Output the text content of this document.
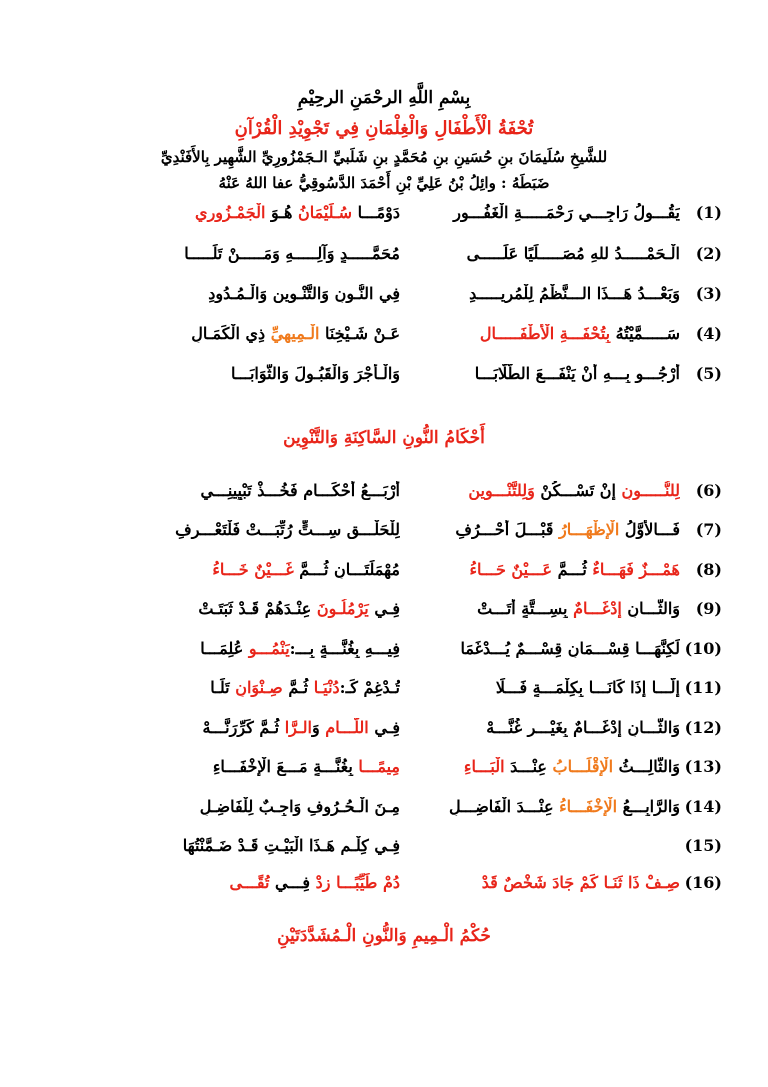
بِسْمِ اللَّهِ الرحْمَنِ الرحِيْمِ
تُحْفَةُ الْأَطْفَالِ وَالْغِلْمَانِ فِي تَجْوِيْدِ الْقُرْآنِ
للشَّيخِ سُلَيمَانَ بنِ حُسَينِ بنِ مُحَمَّدٍ بنِ شَلَبيِّ الـجَمْزُورِيِّ الشَّهِير بِالأَفَنْدِيِّ
ضَبَطَهُ : وائِلُ بْنُ عَلِيِّ بْنِ أَحْمَدَ الدَّسُوقِيُّ عفا اللهُ عَنْهُ
(1)
يَقُـــولُ رَاجِـــي رَحْمَـــــةِ الْغَفُـــورِ
دَوْمًـــا سُـلَيْمَانُ هُـوَ الْجَمْـزُورِي
(2)
الْـحَمْـــــدُ للهِ مُصَـــــلِّيًا عَلَـــــى
مُحَمَّـــــدٍ وَآلِـــــهِ وَمَـــــنْ تَلَـــــا
(3)
وَبَعْـــدُ هَـــذَا الـــنَّظْمُ لِلْمُرِيـــــدِ
فِي النُّـونِ وَالتَّنْـوِينِ وَالْـمُـدُودِ
(4)
سَـــــمَّيْتُهُ بِتُحْفَـــةِ الْأَطْفَـــــال
عَـنْ شَـيْخِنَا الْـمِيهِيِّ ذِي الْكَمَـالِ
(5)
أَرْجُـــو بِـــهِ أَنْ يَنْفَـــعَ الطُّلَّابَـــا
وَالْـأَجْرَ وَالْقَبُـولَ وَالثَّوَابَـــا
أَحْكَامُ النُّونِ السَّاكِنَةِ وَالتَّنْوِين
(6)
لِلنُّـــــونِ إنْ تَسْـــكُنْ وَلِلتَّنْـــوِينِ
أَرْبَـــعُ أَحْكَـــامٍ فَخُـــذْ تَبْيِينِـــي
(7)
فَـــالأَوَّلُ الْإِظْهَـــارُ قَبْـــلَ أَحْـــرُفِ
لِلْحَلْـــقِ سِـــتٍّ رُتِّبَـــتْ فَلْتَعْـــرِفِ
(8)
هَمْـــزٌ فَهَـــاءٌ ثُـــمَّ عَـــيْنٌ حَـــاءُ
مُهْمَلَتَـــانِ ثُـــمَّ غَـــيْنٌ خَـــاءُ
(9)
وَالثَّـــانِ إدْغَـــامٌ بِسِـــتَّةٍ أَتَـــتْ
فِـي يَرْمُلُـونَ عِنْـدَهُمْ قَـدْ ثَبَتَـتْ
(10)
لَكِنَّهَـــا قِسْـــمَانِ قِسْـــمٌ يُـــدْغَمَا
فِيـــهِ بِغُنَّـــةٍ بِـــ:يَنْمُـــو عُلِمَـــا
(11)
إلَّـــا إذَا كَانَـــا بِكِلْمَـــةٍ فَـــلَا
تُـدْغِمْ كَـ:دُنْيَـا ثُـمَّ صِـنْوَانٍ تَلَـا
(12)
وَالثَّـــانِ إدْغَـــامٌ بِغَيْـــرِ غُنَّـــهْ
فِـي اللَّـــامِ وَالـرَّا ثُـمَّ كَرِّرَنَّـــهْ
(13)
وَالثَّالِـــثُ الْإِقْلَـــابُ عِنْـــدَ الْبَـــاءِ
مِيمًـــا بِغُنَّـــةٍ مَـــعَ الْإِخْفَـــاءِ
(14)
وَالرَّابِـــعُ الْإِخْفَـــاءُ عِنْـــدَ الْفَاضِـــلِ
مِـنَ الْـحُـرُوفِ وَاجِـبٌ لِلْفَاضِـلِ
(15)
فِـي كِلْـمِ هَـذَا الْبَيْـتِ قَـدْ ضَـمَّنْتُهَا
(16)
صِـفْ ذَا ثَنَـا كَمْ جَادَ شَخْصٌ قَدْ
دُمْ طَيِّبًـــا زِدْ فِـــي تُقًـــى
حُكْمُ الْـمِيمِ وَالنُّونِ الْـمُشَدَّدَتَيْنِ
